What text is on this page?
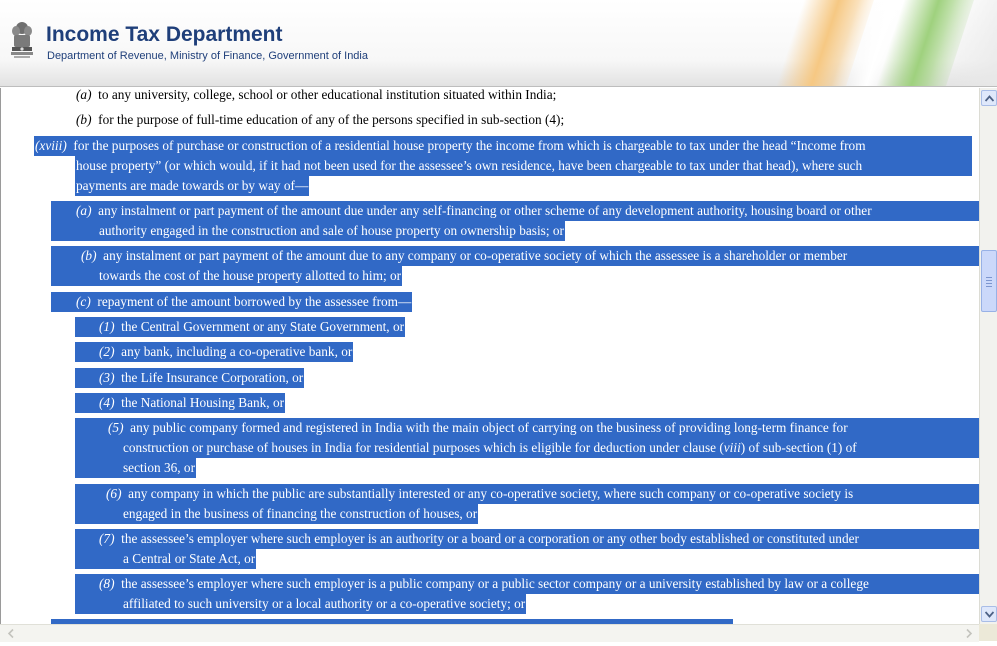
Income Tax Department
Department of Revenue, Ministry of Finance, Government of India
(a) to any university, college, school or other educational institution situated within India;
(b) for the purpose of full-time education of any of the persons specified in sub-section (4);
(xviii) for the purposes of purchase or construction of a residential house property the income from which is chargeable to tax under the head “Income from
house property” (or which would, if it had not been used for the assessee’s own residence, have been chargeable to tax under that head), where such
payments are made towards or by way of—
(a) any instalment or part payment of the amount due under any self-financing or other scheme of any development authority, housing board or other
authority engaged in the construction and sale of house property on ownership basis; or
(b) any instalment or part payment of the amount due to any company or co-operative society of which the assessee is a shareholder or member
towards the cost of the house property allotted to him; or
(c) repayment of the amount borrowed by the assessee from—
(1) the Central Government or any State Government, or
(2) any bank, including a co-operative bank, or
(3) the Life Insurance Corporation, or
(4) the National Housing Bank, or
(5) any public company formed and registered in India with the main object of carrying on the business of providing long-term finance for
construction or purchase of houses in India for residential purposes which is eligible for deduction under clause (viii) of sub-section (1) of
section 36, or
(6) any company in which the public are substantially interested or any co-operative society, where such company or co-operative society is
engaged in the business of financing the construction of houses, or
(7) the assessee’s employer where such employer is an authority or a board or a corporation or any other body established or constituted under
a Central or State Act, or
(8) the assessee’s employer where such employer is a public company or a public sector company or a university established by law or a college
affiliated to such university or a local authority or a co-operative society; or
